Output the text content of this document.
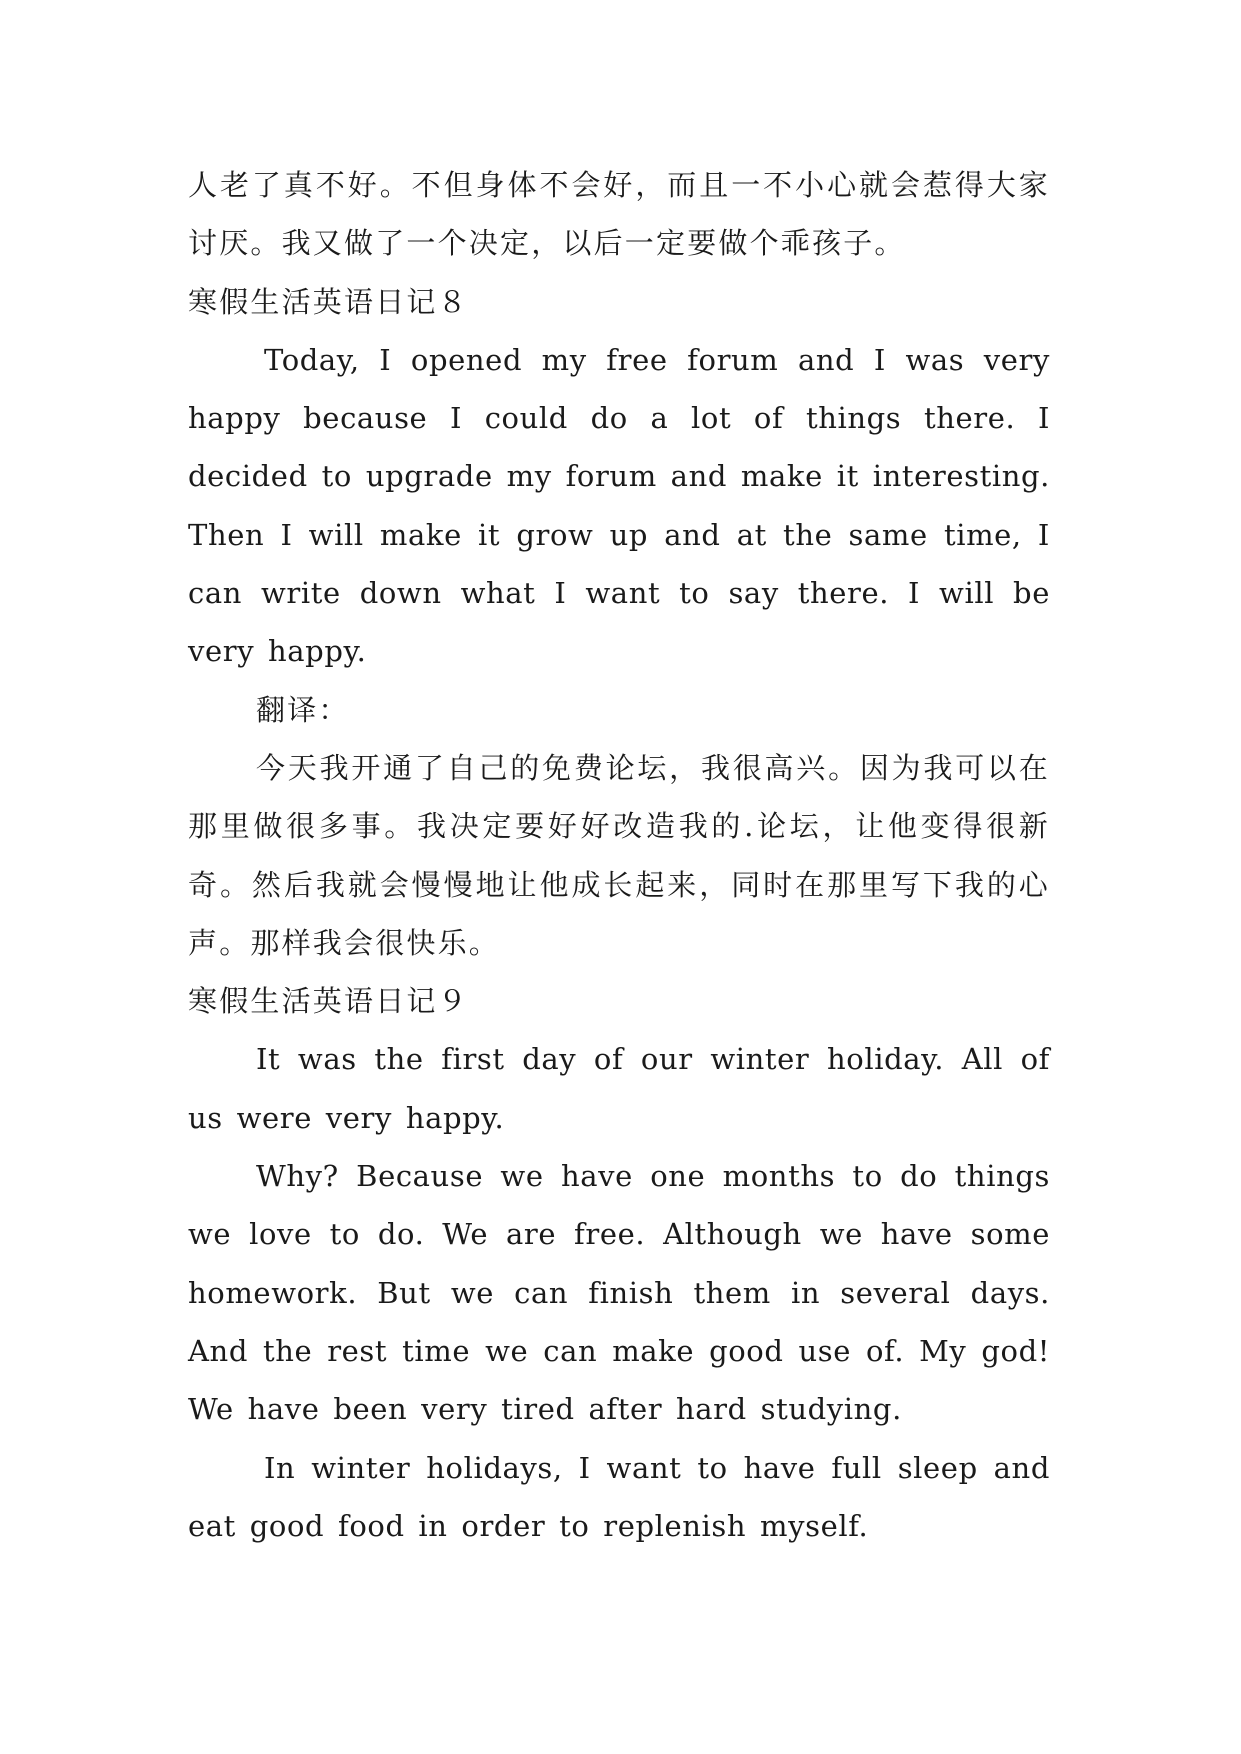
人老了真不好。不但身体不会好，而且一不小心就会惹得大家讨厌。我又做了一个决定，以后一定要做个乖孩子。

寒假生活英语日记８

Today, I opened my free forum and I was very happy because I could do a lot of things there. I decided to upgrade my forum and make it interesting. Then I will make it grow up and at the same time, I can write down what I want to say there. I will be very happy.

翻译：

今天我开通了自己的免费论坛，我很高兴。因为我可以在那里做很多事。我决定要好好改造我的.论坛，让他变得很新奇。然后我就会慢慢地让他成长起来，同时在那里写下我的心声。那样我会很快乐。

寒假生活英语日记９

It was the first day of our winter holiday. All of us were very happy.

Why? Because we have one months to do things we love to do. We are free. Although we have some homework. But we can finish them in several days. And the rest time we can make good use of. My god! We have been very tired after hard studying.

In winter holidays, I want to have full sleep and eat good food in order to replenish myself.
